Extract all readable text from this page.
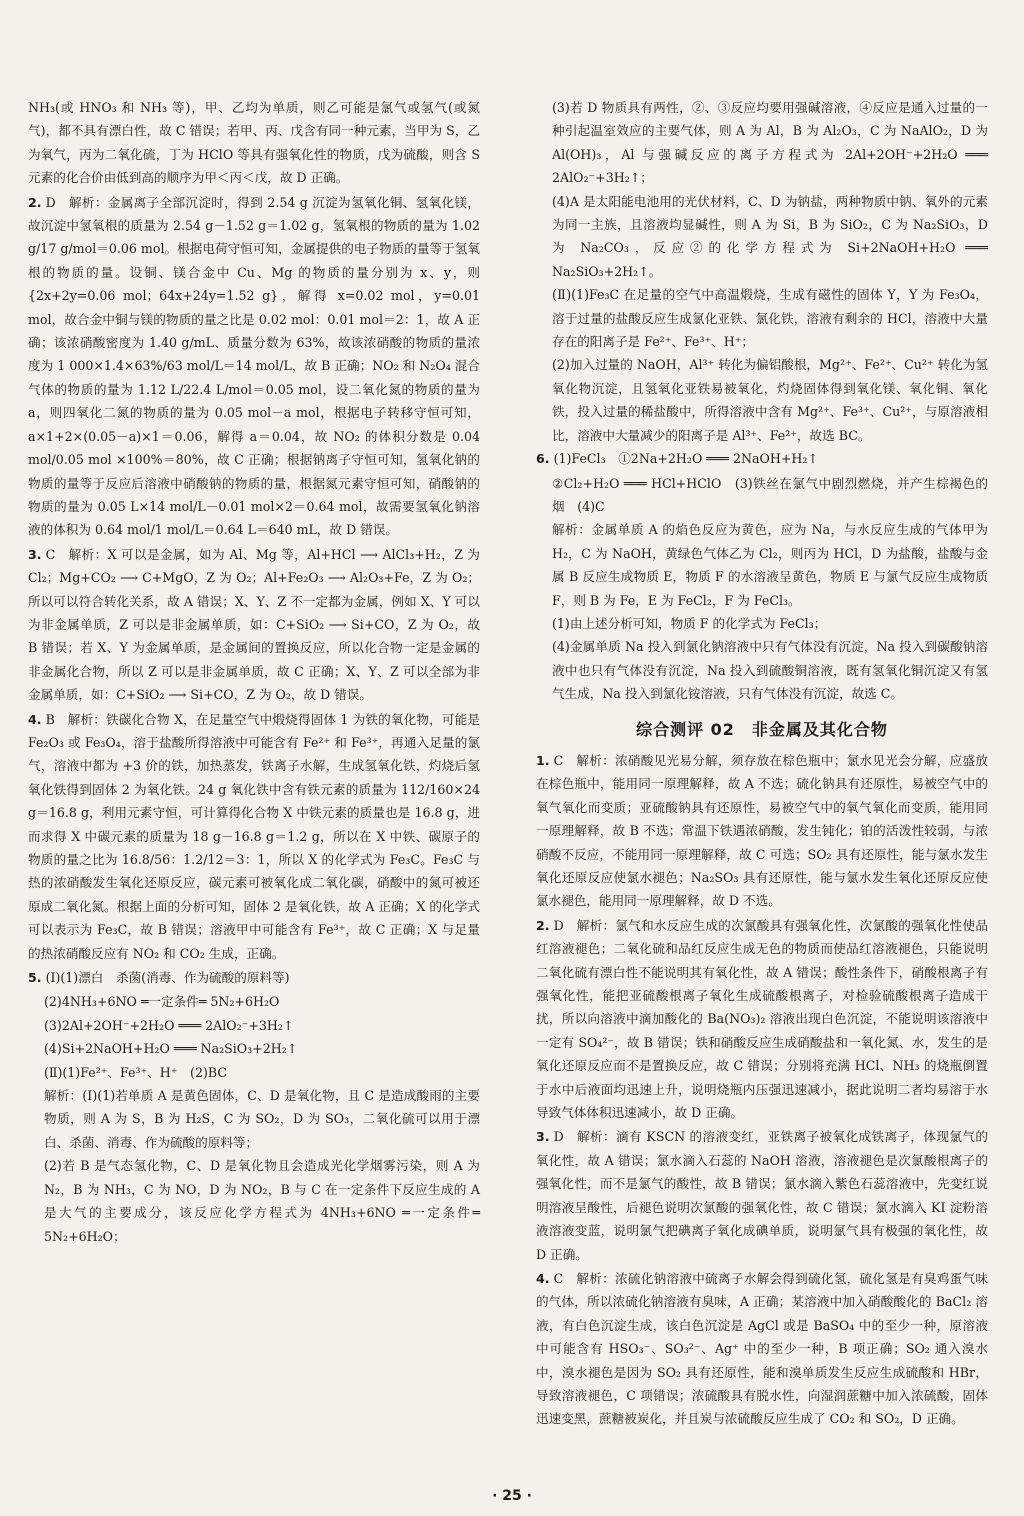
NH₃(或 HNO₃ 和 NH₃ 等)，甲、乙均为单质，则乙可能是氯气或氢气(或氮气)，都不具有漂白性，故 C 错误；若甲、丙、戊含有同一种元素，当甲为 S，乙为氧气，丙为二氧化硫，丁为 HClO 等具有强氧化性的物质，戊为硫酸，则含 S 元素的化合价由低到高的顺序为甲＜丙＜戊，故 D 正确。
2. D　解析：金属离子全部沉淀时，得到 2.54 g 沉淀为氢氧化铜、氢氧化镁，故沉淀中氢氧根的质量为 2.54 g－1.52 g＝1.02 g，氢氧根的物质的量为 1.02 g/17 g/mol＝0.06 mol。根据电荷守恒可知，金属提供的电子物质的量等于氢氧根的物质的量。设铜、镁合金中 Cu、Mg 的物质的量分别为 x、y，则 {2x+2y=0.06 mol；64x+24y=1.52 g}，解得 x=0.02 mol，y=0.01 mol，故合金中铜与镁的物质的量之比是 0.02 mol：0.01 mol＝2：1，故 A 正确；该浓硝酸密度为 1.40 g/mL、质量分数为 63%，故该浓硝酸的物质的量浓度为 1 000×1.4×63%/63 mol/L＝14 mol/L，故 B 正确；NO₂ 和 N₂O₄ 混合气体的物质的量为 1.12 L/22.4 L/mol＝0.05 mol，设二氧化氮的物质的量为 a，则四氧化二氮的物质的量为 0.05 mol－a mol，根据电子转移守恒可知，a×1+2×(0.05－a)×1＝0.06，解得 a＝0.04，故 NO₂ 的体积分数是 0.04 mol/0.05 mol ×100%＝80%，故 C 正确；根据钠离子守恒可知，氢氧化钠的物质的量等于反应后溶液中硝酸钠的物质的量，根据氮元素守恒可知，硝酸钠的物质的量为 0.05 L×14 mol/L－0.01 mol×2＝0.64 mol，故需要氢氧化钠溶液的体积为 0.64 mol/1 mol/L＝0.64 L＝640 mL，故 D 错误。
3. C　解析：X 可以是金属，如为 Al、Mg 等，Al+HCl ⟶ AlCl₃+H₂，Z 为 Cl₂；Mg+CO₂ ⟶ C+MgO，Z 为 O₂；Al+Fe₂O₃ ⟶ Al₂O₃+Fe，Z 为 O₂；所以可以符合转化关系，故 A 错误；X、Y、Z 不一定都为金属，例如 X、Y 可以为非金属单质，Z 可以是非金属单质，如：C+SiO₂ ⟶ Si+CO，Z 为 O₂，故 B 错误；若 X、Y 为金属单质，是金属间的置换反应，所以化合物一定是金属的非金属化合物，所以 Z 可以是非金属单质，故 C 正确；X、Y、Z 可以全部为非金属单质，如：C+SiO₂ ⟶ Si+CO，Z 为 O₂，故 D 错误。
4. B　解析：铁碳化合物 X，在足量空气中煅烧得固体 1 为铁的氧化物，可能是 Fe₂O₃ 或 Fe₃O₄，溶于盐酸所得溶液中可能含有 Fe²⁺ 和 Fe³⁺，再通入足量的氯气，溶液中都为 +3 价的铁，加热蒸发，铁离子水解，生成氢氧化铁，灼烧后氢氧化铁得到固体 2 为氧化铁。24 g 氧化铁中含有铁元素的质量为 112/160×24 g＝16.8 g，利用元素守恒，可计算得化合物 X 中铁元素的质量也是 16.8 g，进而求得 X 中碳元素的质量为 18 g－16.8 g＝1.2 g，所以在 X 中铁、碳原子的物质的量之比为 16.8/56：1.2/12＝3：1，所以 X 的化学式为 Fe₃C。Fe₃C 与热的浓硝酸发生氧化还原反应，碳元素可被氧化成二氧化碳，硝酸中的氮可被还原成二氧化氮。根据上面的分析可知，固体 2 是氧化铁，故 A 正确；X 的化学式可以表示为 Fe₃C，故 B 错误；溶液甲中可能含有 Fe³⁺，故 C 正确；X 与足量的热浓硝酸反应有 NO₂ 和 CO₂ 生成，正确。
5. (Ⅰ)(1)漂白　杀菌(消毒、作为硫酸的原料等)
(2)4NH₃+6NO ═一定条件═ 5N₂+6H₂O
(3)2Al+2OH⁻+2H₂O ═══ 2AlO₂⁻+3H₂↑
(4)Si+2NaOH+H₂O ═══ Na₂SiO₃+2H₂↑
(Ⅱ)(1)Fe²⁺、Fe³⁺、H⁺　(2)BC
解析：(Ⅰ)(1)若单质 A 是黄色固体，C、D 是氧化物，且 C 是造成酸雨的主要物质，则 A 为 S，B 为 H₂S，C 为 SO₂，D 为 SO₃，二氧化硫可以用于漂白、杀菌、消毒、作为硫酸的原料等；
(2)若 B 是气态氢化物，C、D 是氧化物且会造成光化学烟雾污染，则 A 为 N₂，B 为 NH₃，C 为 NO，D 为 NO₂，B 与 C 在一定条件下反应生成的 A 是大气的主要成分，该反应化学方程式为 4NH₃+6NO ═一定条件═ 5N₂+6H₂O；
(3)若 D 物质具有两性，②、③反应均要用强碱溶液，④反应是通入过量的一种引起温室效应的主要气体，则 A 为 Al，B 为 Al₂O₃，C 为 NaAlO₂，D 为 Al(OH)₃，Al 与强碱反应的离子方程式为 2Al+2OH⁻+2H₂O ═══ 2AlO₂⁻+3H₂↑；
(4)A 是太阳能电池用的光伏材料，C、D 为钠盐，两种物质中钠、氧外的元素为同一主族，且溶液均显碱性，则 A 为 Si，B 为 SiO₂，C 为 Na₂SiO₃，D 为 Na₂CO₃，反应②的化学方程式为 Si+2NaOH+H₂O ═══ Na₂SiO₃+2H₂↑。
(Ⅱ)(1)Fe₃C 在足量的空气中高温煅烧，生成有磁性的固体 Y，Y 为 Fe₃O₄，溶于过量的盐酸反应生成氯化亚铁、氯化铁，溶液有剩余的 HCl，溶液中大量存在的阳离子是 Fe²⁺、Fe³⁺、H⁺；
(2)加入过量的 NaOH，Al³⁺ 转化为偏铝酸根，Mg²⁺、Fe²⁺、Cu²⁺ 转化为氢氧化物沉淀，且氢氧化亚铁易被氧化，灼烧固体得到氧化镁、氧化铜、氧化铁，投入过量的稀盐酸中，所得溶液中含有 Mg²⁺、Fe³⁺、Cu²⁺，与原溶液相比，溶液中大量减少的阳离子是 Al³⁺、Fe²⁺，故选 BC。
6. (1)FeCl₃　①2Na+2H₂O ═══ 2NaOH+H₂↑
②Cl₂+H₂O ═══ HCl+HClO　(3)铁丝在氯气中剧烈燃烧，并产生棕褐色的烟　(4)C
解析：金属单质 A 的焰色反应为黄色，应为 Na，与水反应生成的气体甲为 H₂，C 为 NaOH，黄绿色气体乙为 Cl₂，则丙为 HCl，D 为盐酸，盐酸与金属 B 反应生成物质 E，物质 F 的水溶液呈黄色，物质 E 与氯气反应生成物质 F，则 B 为 Fe，E 为 FeCl₂，F 为 FeCl₃。
(1)由上述分析可知，物质 F 的化学式为 FeCl₃；
(4)金属单质 Na 投入到氯化钠溶液中只有气体没有沉淀，Na 投入到碳酸钠溶液中也只有气体没有沉淀，Na 投入到硫酸铜溶液，既有氢氧化铜沉淀又有氢气生成，Na 投入到氯化铵溶液，只有气体没有沉淀，故选 C。
综合测评 02　非金属及其化合物
1. C　解析：浓硝酸见光易分解，须存放在棕色瓶中；氯水见光会分解，应盛放在棕色瓶中，能用同一原理解释，故 A 不选；硫化钠具有还原性，易被空气中的氧气氧化而变质；亚硫酸钠具有还原性，易被空气中的氧气氧化而变质，能用同一原理解释，故 B 不选；常温下铁遇浓硝酸，发生钝化；铂的活泼性较弱，与浓硝酸不反应，不能用同一原理解释，故 C 可选；SO₂ 具有还原性，能与氯水发生氧化还原反应使氯水褪色；Na₂SO₃ 具有还原性，能与氯水发生氧化还原反应使氯水褪色，能用同一原理解释，故 D 不选。
2. D　解析：氯气和水反应生成的次氯酸具有强氧化性，次氯酸的强氧化性使品红溶液褪色；二氧化硫和品红反应生成无色的物质而使品红溶液褪色，只能说明二氧化硫有漂白性不能说明其有氧化性，故 A 错误；酸性条件下，硝酸根离子有强氧化性，能把亚硫酸根离子氧化生成硫酸根离子，对检验硫酸根离子造成干扰，所以向溶液中滴加酸化的 Ba(NO₃)₂ 溶液出现白色沉淀，不能说明该溶液中一定有 SO₄²⁻，故 B 错误；铁和硝酸反应生成硝酸盐和一氧化氮、水，发生的是氧化还原反应而不是置换反应，故 C 错误；分别将充满 HCl、NH₃ 的烧瓶倒置于水中后液面均迅速上升，说明烧瓶内压强迅速减小，据此说明二者均易溶于水导致气体体积迅速减小，故 D 正确。
3. D　解析：滴有 KSCN 的溶液变红，亚铁离子被氧化成铁离子，体现氯气的氧化性，故 A 错误；氯水滴入石蕊的 NaOH 溶液，溶液褪色是次氯酸根离子的强氧化性，而不是氯气的酸性，故 B 错误；氯水滴入紫色石蕊溶液中，先变红说明溶液呈酸性，后褪色说明次氯酸的强氧化性，故 C 错误；氯水滴入 KI 淀粉溶液溶液变蓝，说明氯气把碘离子氧化成碘单质，说明氯气具有极强的氧化性，故 D 正确。
4. C　解析：浓硫化钠溶液中硫离子水解会得到硫化氢，硫化氢是有臭鸡蛋气味的气体，所以浓硫化钠溶液有臭味，A 正确；某溶液中加入硝酸酸化的 BaCl₂ 溶液，有白色沉淀生成，该白色沉淀是 AgCl 或是 BaSO₄ 中的至少一种，原溶液中可能含有 HSO₃⁻、SO₃²⁻、Ag⁺ 中的至少一种，B 项正确；SO₂ 通入溴水中，溴水褪色是因为 SO₂ 具有还原性，能和溴单质发生反应生成硫酸和 HBr，导致溶液褪色，C 项错误；浓硫酸具有脱水性，向湿润蔗糖中加入浓硫酸，固体迅速变黑，蔗糖被炭化，并且炭与浓硫酸反应生成了 CO₂ 和 SO₂，D 正确。
· 25 ·
